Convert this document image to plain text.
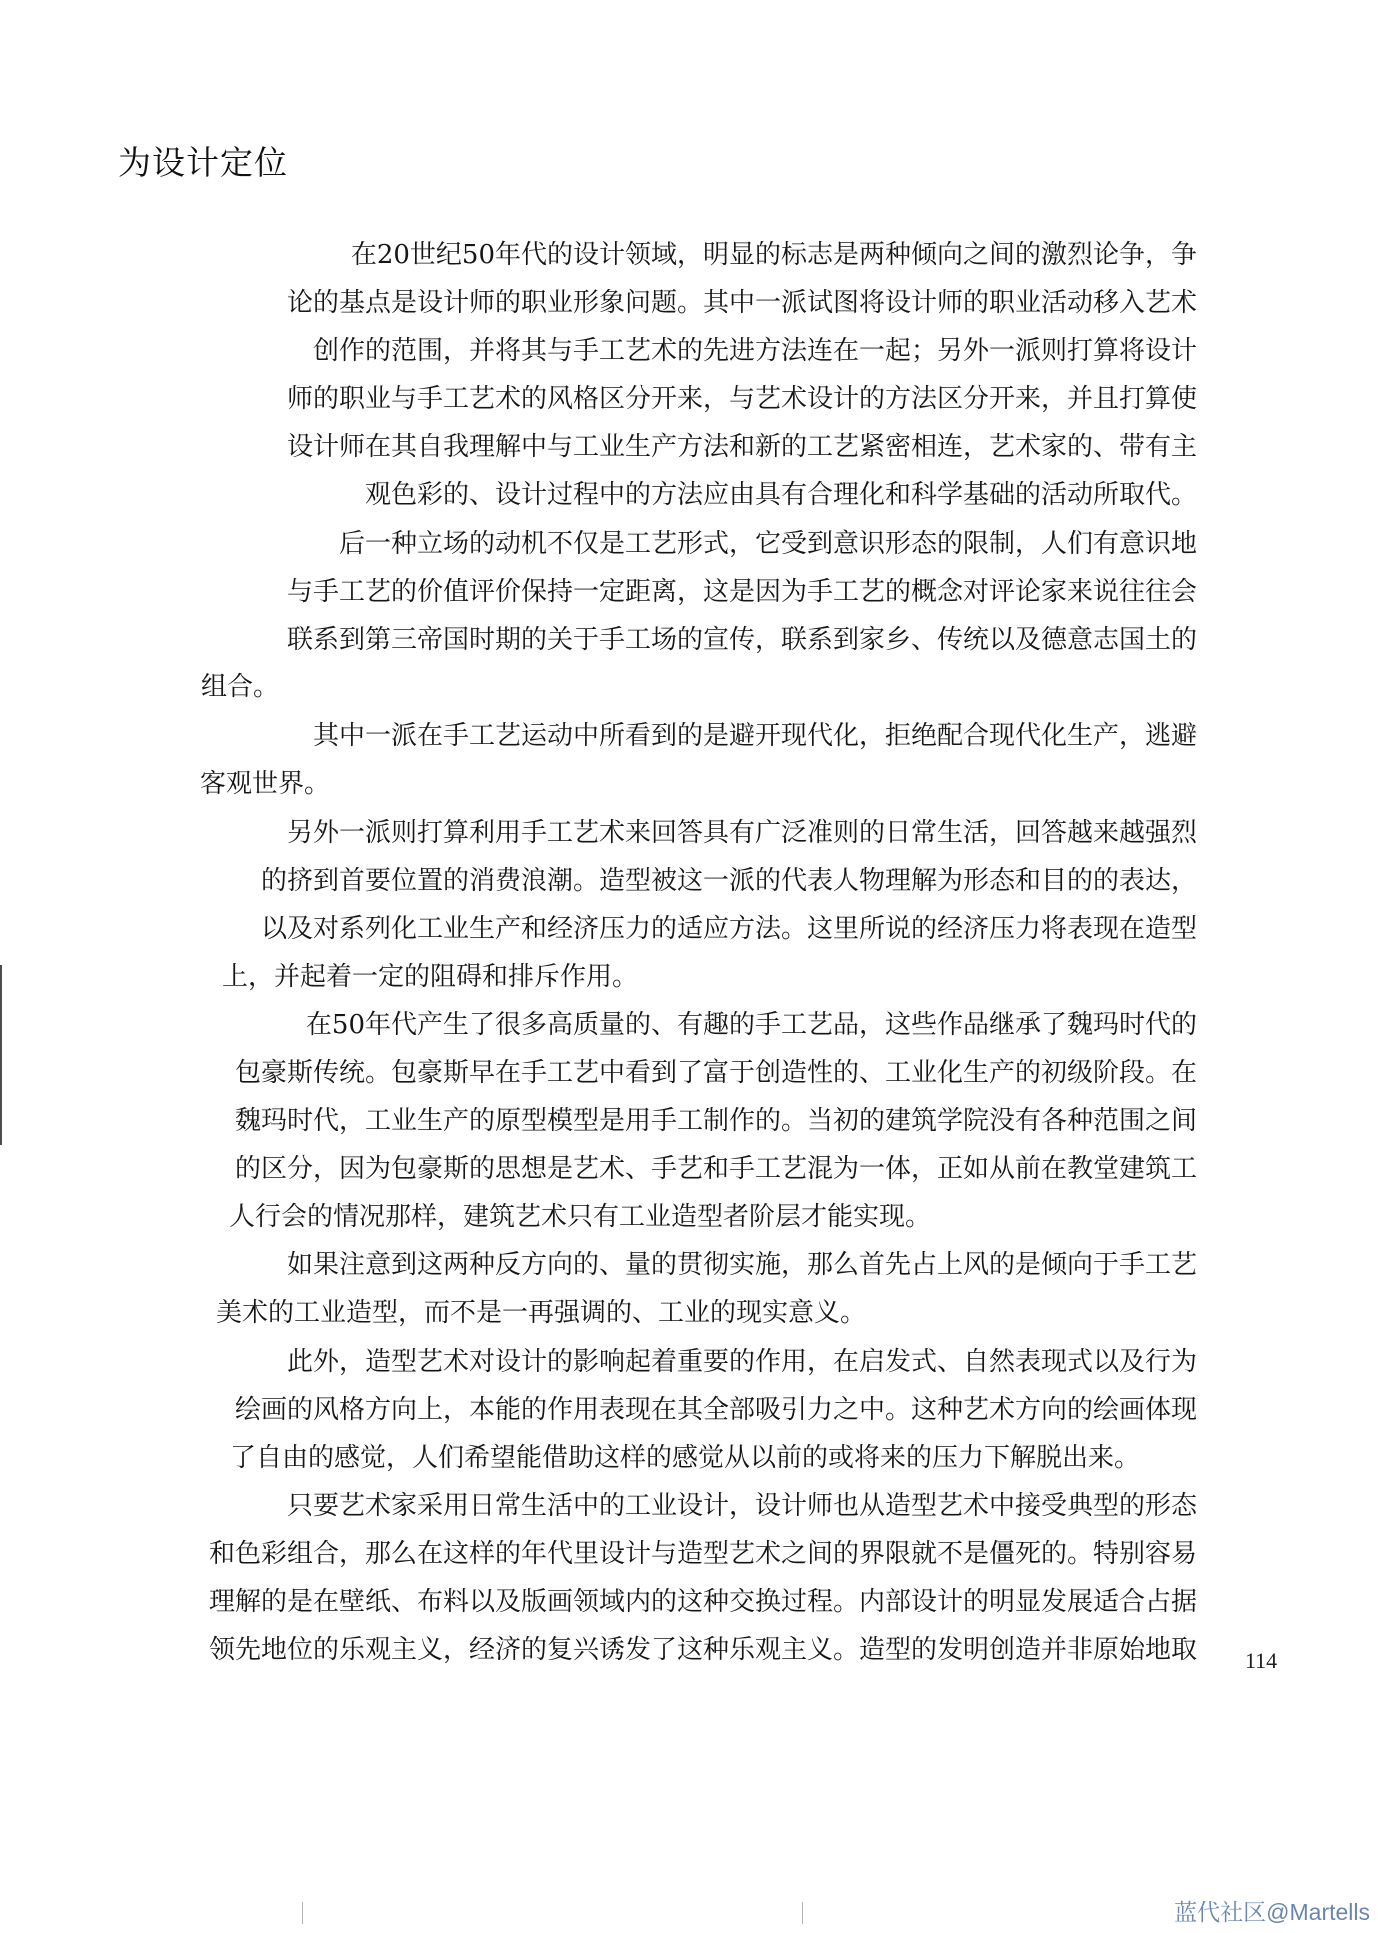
为设计定位
在20世纪50年代的设计领域，明显的标志是两种倾向之间的激烈论争，争
论的基点是设计师的职业形象问题。其中一派试图将设计师的职业活动移入艺术
创作的范围，并将其与手工艺术的先进方法连在一起；另外一派则打算将设计
师的职业与手工艺术的风格区分开来，与艺术设计的方法区分开来，并且打算使
设计师在其自我理解中与工业生产方法和新的工艺紧密相连，艺术家的、带有主
观色彩的、设计过程中的方法应由具有合理化和科学基础的活动所取代。
后一种立场的动机不仅是工艺形式，它受到意识形态的限制，人们有意识地
与手工艺的价值评价保持一定距离，这是因为手工艺的概念对评论家来说往往会
联系到第三帝国时期的关于手工场的宣传，联系到家乡、传统以及德意志国土的
组合。
其中一派在手工艺运动中所看到的是避开现代化，拒绝配合现代化生产，逃避
客观世界。
另外一派则打算利用手工艺术来回答具有广泛准则的日常生活，回答越来越强烈
的挤到首要位置的消费浪潮。造型被这一派的代表人物理解为形态和目的的表达，
以及对系列化工业生产和经济压力的适应方法。这里所说的经济压力将表现在造型
上，并起着一定的阻碍和排斥作用。
在50年代产生了很多高质量的、有趣的手工艺品，这些作品继承了魏玛时代的
包豪斯传统。包豪斯早在手工艺中看到了富于创造性的、工业化生产的初级阶段。在
魏玛时代，工业生产的原型模型是用手工制作的。当初的建筑学院没有各种范围之间
的区分，因为包豪斯的思想是艺术、手艺和手工艺混为一体，正如从前在教堂建筑工
人行会的情况那样，建筑艺术只有工业造型者阶层才能实现。
如果注意到这两种反方向的、量的贯彻实施，那么首先占上风的是倾向于手工艺
美术的工业造型，而不是一再强调的、工业的现实意义。
此外，造型艺术对设计的影响起着重要的作用，在启发式、自然表现式以及行为
绘画的风格方向上，本能的作用表现在其全部吸引力之中。这种艺术方向的绘画体现
了自由的感觉，人们希望能借助这样的感觉从以前的或将来的压力下解脱出来。
只要艺术家采用日常生活中的工业设计，设计师也从造型艺术中接受典型的形态
和色彩组合，那么在这样的年代里设计与造型艺术之间的界限就不是僵死的。特别容易
理解的是在壁纸、布料以及版画领域内的这种交换过程。内部设计的明显发展适合占据
领先地位的乐观主义，经济的复兴诱发了这种乐观主义。造型的发明创造并非原始地取 114
蓝代社区@Martells
